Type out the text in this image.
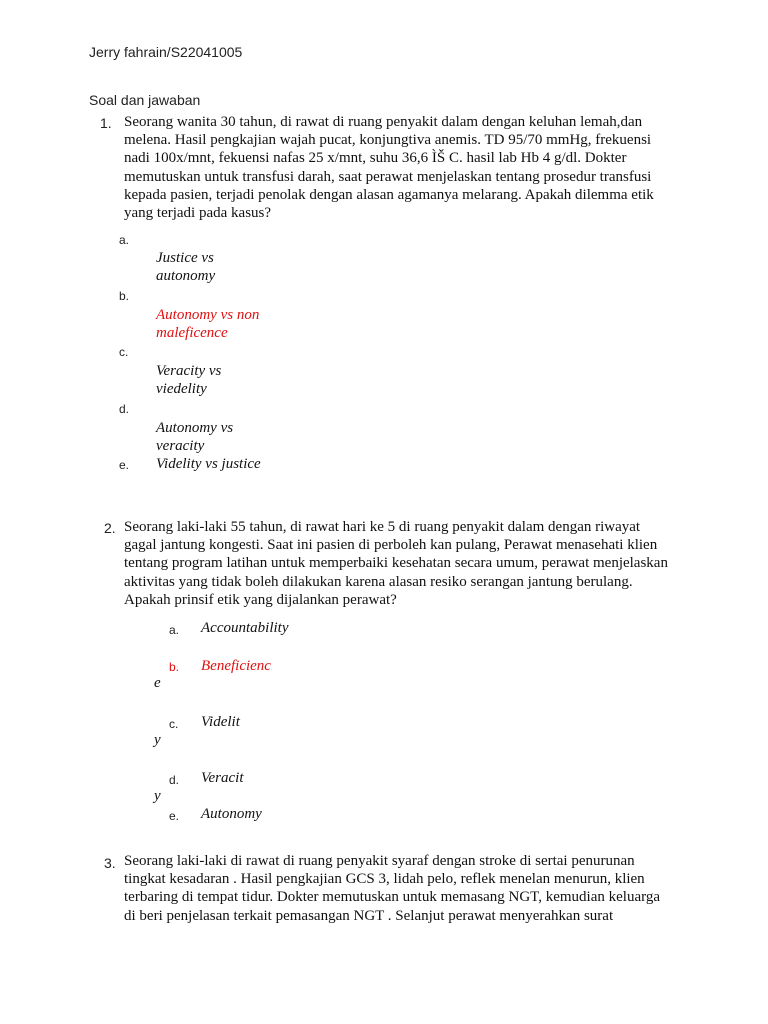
Jerry fahrain/S22041005

Soal dan jawaban

1. Seorang wanita 30 tahun, di rawat di ruang penyakit dalam dengan keluhan lemah,dan
melena. Hasil pengkajian wajah pucat, konjungtiva anemis. TD 95/70 mmHg, frekuensi
nadi 100x/mnt, fekuensi nafas 25 x/mnt, suhu 36,6 ÌŠ C. hasil lab Hb 4 g/dl. Dokter
memutuskan untuk transfusi darah, saat perawat menjelaskan tentang prosedur transfusi
kepada pasien, terjadi penolak dengan alasan agamanya melarang. Apakah dilemma etik
yang terjadi pada kasus?

a.
Justice vs
autonomy
b.
Autonomy vs non
maleficence
c.
Veracity vs
viedelity
d.
Autonomy vs
veracity
e. Videlity vs justice
2. Seorang laki-laki 55 tahun, di rawat hari ke 5 di ruang penyakit dalam dengan riwayat
gagal jantung kongesti. Saat ini pasien di perboleh kan pulang, Perawat menasehati klien
tentang program latihan untuk memperbaiki kesehatan secara umum, perawat menjelaskan
aktivitas yang tidak boleh dilakukan karena alasan resiko serangan jantung berulang.
Apakah prinsif etik yang dijalankan perawat?

a. Accountability
b. Beneficienc
e
c. Videlit
y
d. Veracit
y
e. Autonomy
3. Seorang laki-laki di rawat di ruang penyakit syaraf dengan stroke di sertai penurunan
tingkat kesadaran . Hasil pengkajian GCS 3, lidah pelo, reflek menelan menurun, klien
terbaring di tempat tidur. Dokter memutuskan untuk memasang NGT, kemudian keluarga
di beri penjelasan terkait pemasangan NGT . Selanjut perawat menyerahkan surat
